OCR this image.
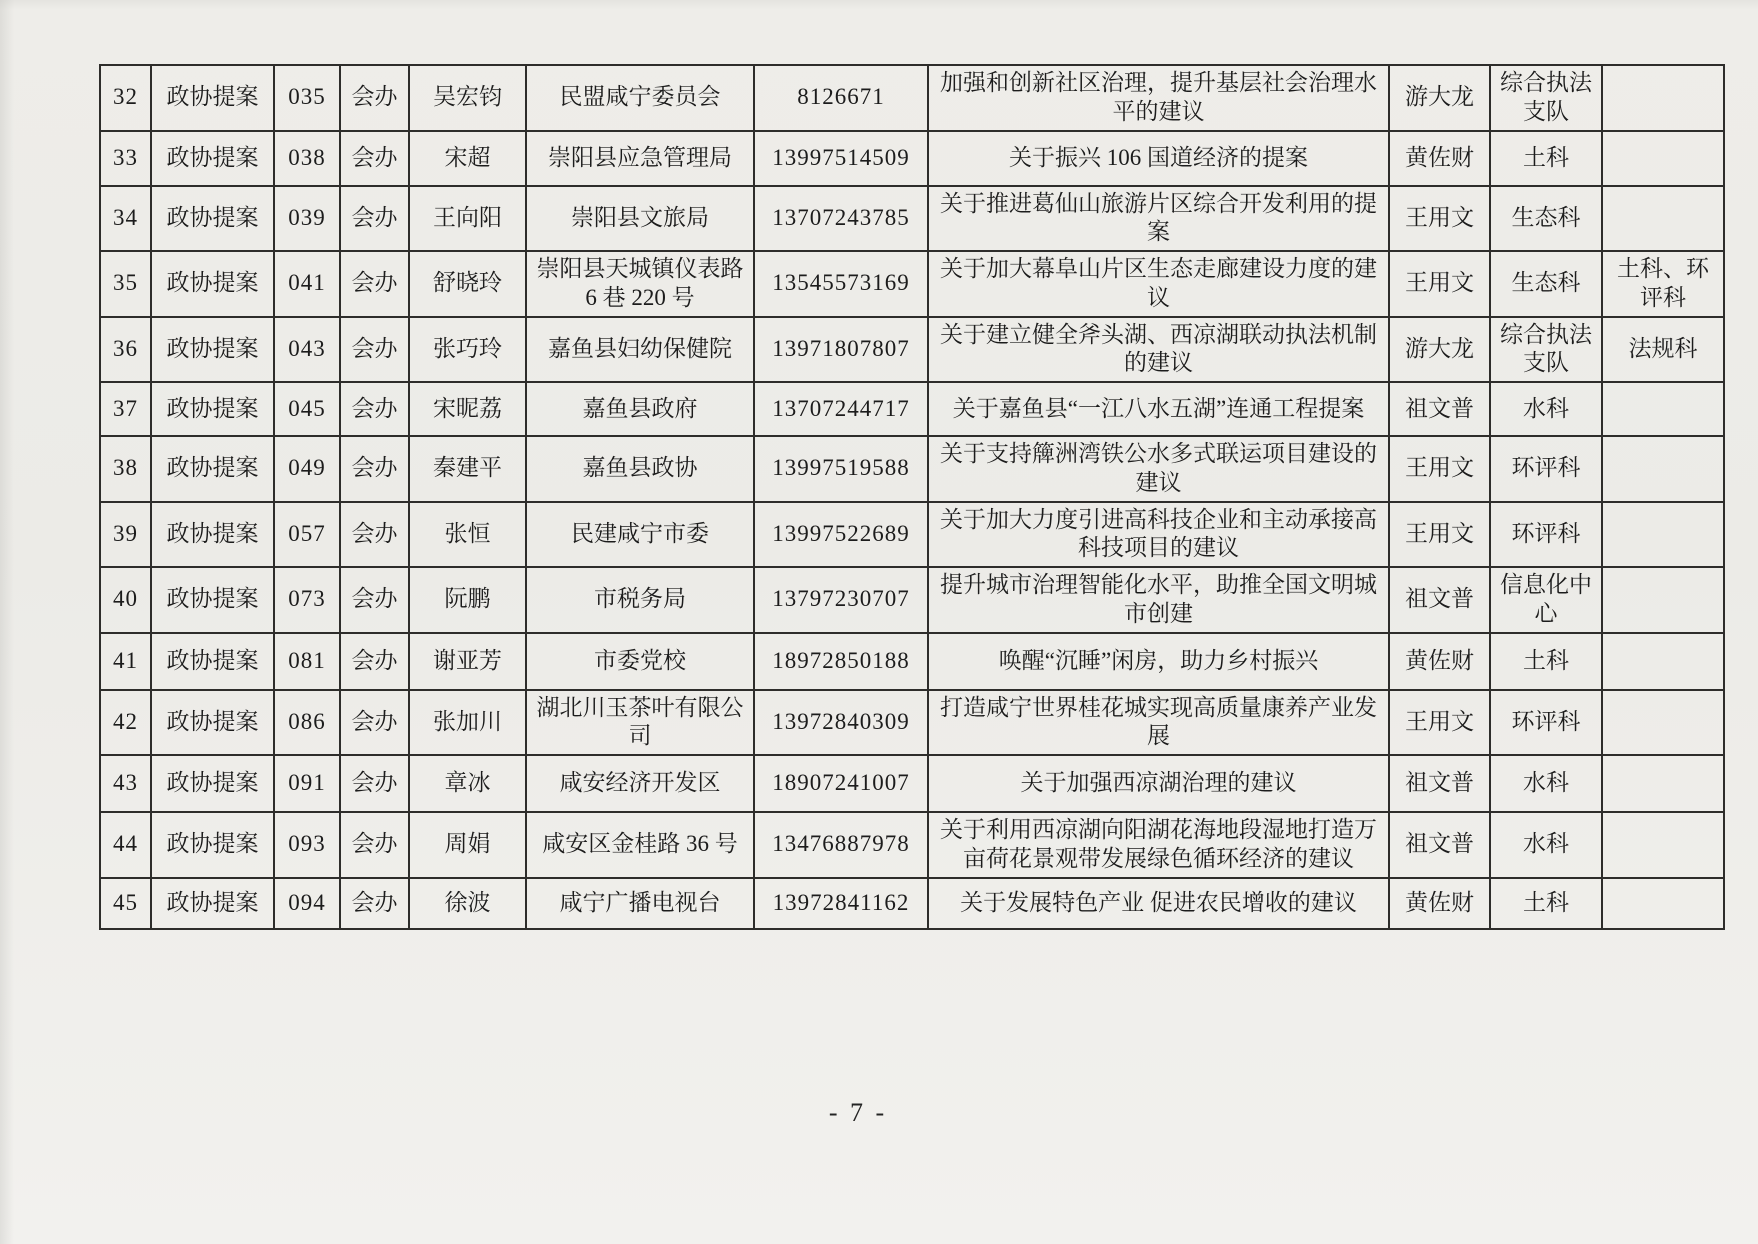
32	政协提案	035	会办	吴宏钧	民盟咸宁委员会	8126671	加强和创新社区治理，提升基层社会治理水平的建议	游大龙	综合执法支队	
33	政协提案	038	会办	宋超	崇阳县应急管理局	13997514509	关于振兴 106 国道经济的提案	黄佐财	土科	
34	政协提案	039	会办	王向阳	崇阳县文旅局	13707243785	关于推进葛仙山旅游片区综合开发利用的提案	王用文	生态科	
35	政协提案	041	会办	舒晓玲	崇阳县天城镇仪表路 6 巷 220 号	13545573169	关于加大幕阜山片区生态走廊建设力度的建议	王用文	生态科	土科、环评科
36	政协提案	043	会办	张巧玲	嘉鱼县妇幼保健院	13971807807	关于建立健全斧头湖、西凉湖联动执法机制的建议	游大龙	综合执法支队	法规科
37	政协提案	045	会办	宋昵荔	嘉鱼县政府	13707244717	关于嘉鱼县“一江八水五湖”连通工程提案	祖文普	水科	
38	政协提案	049	会办	秦建平	嘉鱼县政协	13997519588	关于支持簰洲湾铁公水多式联运项目建设的建议	王用文	环评科	
39	政协提案	057	会办	张恒	民建咸宁市委	13997522689	关于加大力度引进高科技企业和主动承接高科技项目的建议	王用文	环评科	
40	政协提案	073	会办	阮鹏	市税务局	13797230707	提升城市治理智能化水平，助推全国文明城市创建	祖文普	信息化中心	
41	政协提案	081	会办	谢亚芳	市委党校	18972850188	唤醒“沉睡”闲房，助力乡村振兴	黄佐财	土科	
42	政协提案	086	会办	张加川	湖北川玉茶叶有限公司	13972840309	打造咸宁世界桂花城实现高质量康养产业发展	王用文	环评科	
43	政协提案	091	会办	章冰	咸安经济开发区	18907241007	关于加强西凉湖治理的建议	祖文普	水科	
44	政协提案	093	会办	周娟	咸安区金桂路 36 号	13476887978	关于利用西凉湖向阳湖花海地段湿地打造万亩荷花景观带发展绿色循环经济的建议	祖文普	水科	
45	政协提案	094	会办	徐波	咸宁广播电视台	13972841162	关于发展特色产业 促进农民增收的建议	黄佐财	土科	
- 7 -
